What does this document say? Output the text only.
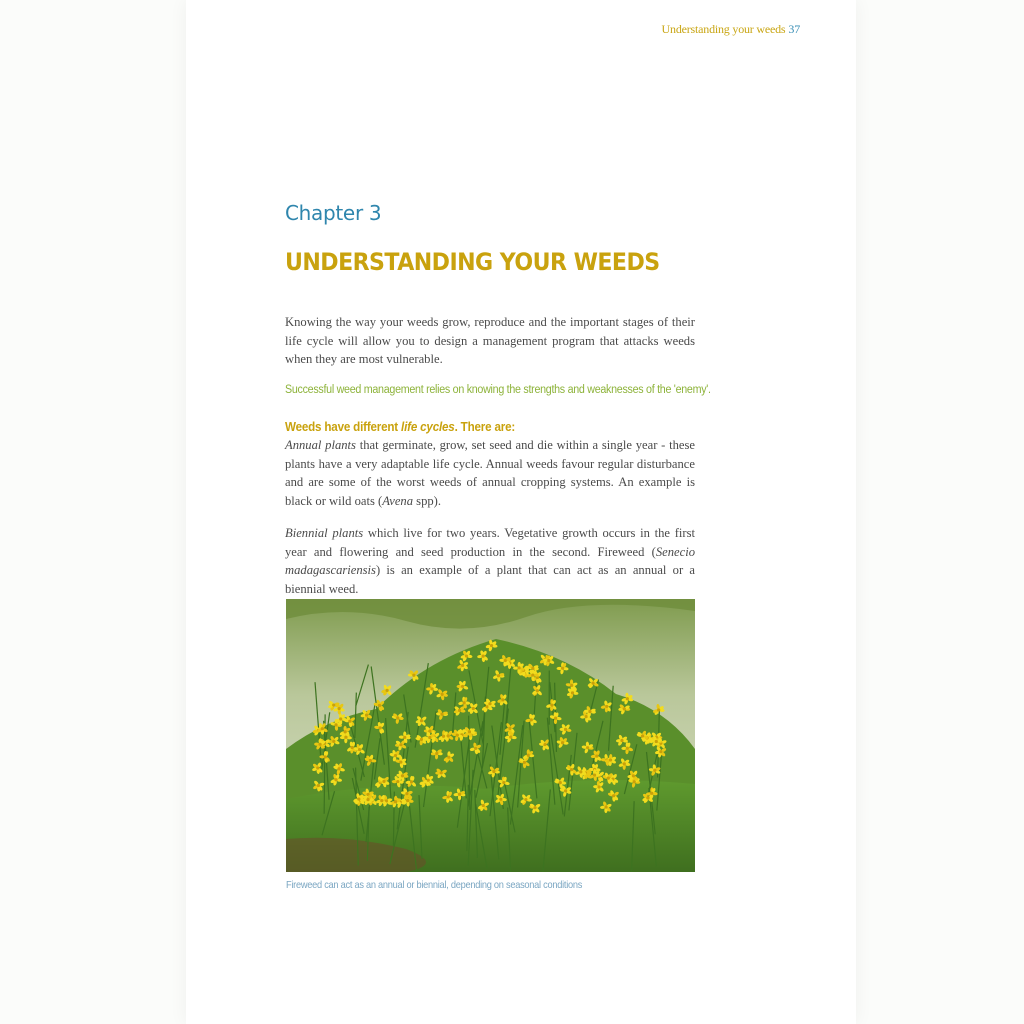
Understanding your weeds 37
Chapter 3
UNDERSTANDING YOUR WEEDS
Knowing the way your weeds grow, reproduce and the important stages of their life cycle will allow you to design a management program that attacks weeds when they are most vulnerable.
Successful weed management relies on knowing the strengths and weaknesses of the 'enemy'.
Weeds have different life cycles. There are:
Annual plants that germinate, grow, set seed and die within a single year - these plants have a very adaptable life cycle. Annual weeds favour regular disturbance and are some of the worst weeds of annual cropping systems. An example is black or wild oats (Avena spp).
Biennial plants which live for two years. Vegetative growth occurs in the first year and flowering and seed production in the second. Fireweed (Senecio madagascariensis) is an example of a plant that can act as an annual or a biennial weed.
Fireweed can act as an annual or biennial, depending on seasonal conditions
